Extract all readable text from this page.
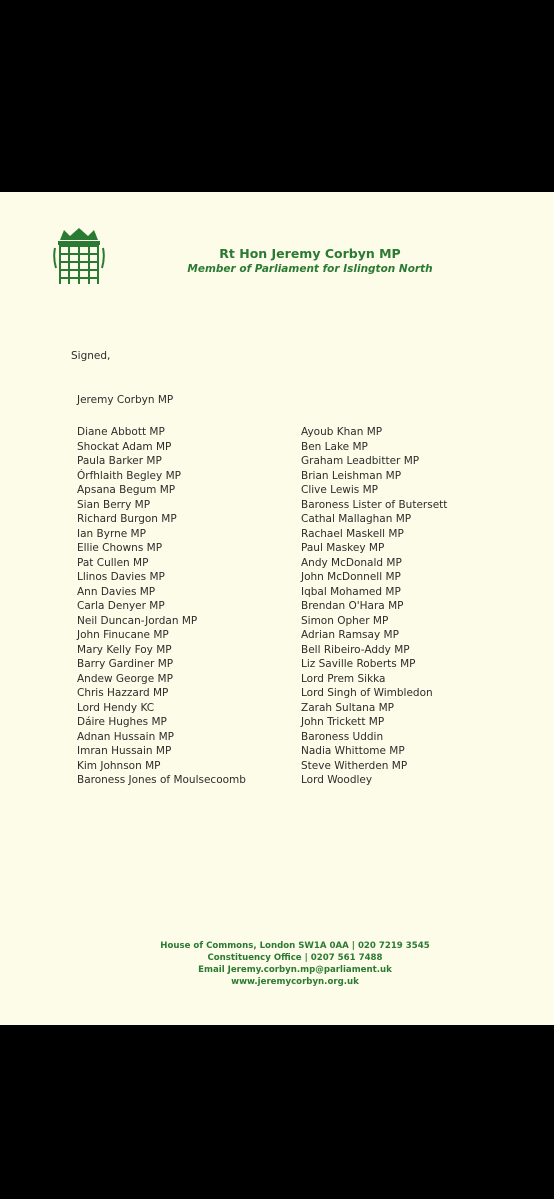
Rt Hon Jeremy Corbyn MP
Member of Parliament for Islington North
Signed,
Jeremy Corbyn MP
Diane Abbott MP
Shockat Adam MP
Paula Barker MP
Órfhlaith Begley MP
Apsana Begum MP
Sian Berry MP
Richard Burgon MP
Ian Byrne MP
Ellie Chowns MP
Pat Cullen MP
Llinos Davies MP
Ann Davies MP
Carla Denyer MP
Neil Duncan-Jordan MP
John Finucane MP
Mary Kelly Foy MP
Barry Gardiner MP
Andew George MP
Chris Hazzard MP
Lord Hendy KC
Dáire Hughes MP
Adnan Hussain MP
Imran Hussain MP
Kim Johnson MP
Baroness Jones of Moulsecoomb
Ayoub Khan MP
Ben Lake MP
Graham Leadbitter MP
Brian Leishman MP
Clive Lewis MP
Baroness Lister of Butersett
Cathal Mallaghan MP
Rachael Maskell MP
Paul Maskey MP
Andy McDonald MP
John McDonnell MP
Iqbal Mohamed MP
Brendan O'Hara MP
Simon Opher MP
Adrian Ramsay MP
Bell Ribeiro-Addy MP
Liz Saville Roberts MP
Lord Prem Sikka
Lord Singh of Wimbledon
Zarah Sultana MP
John Trickett MP
Baroness Uddin
Nadia Whittome MP
Steve Witherden MP
Lord Woodley
House of Commons, London SW1A 0AA | 020 7219 3545
Constituency Office | 0207 561 7488
Email Jeremy.corbyn.mp@parliament.uk
www.jeremycorbyn.org.uk
